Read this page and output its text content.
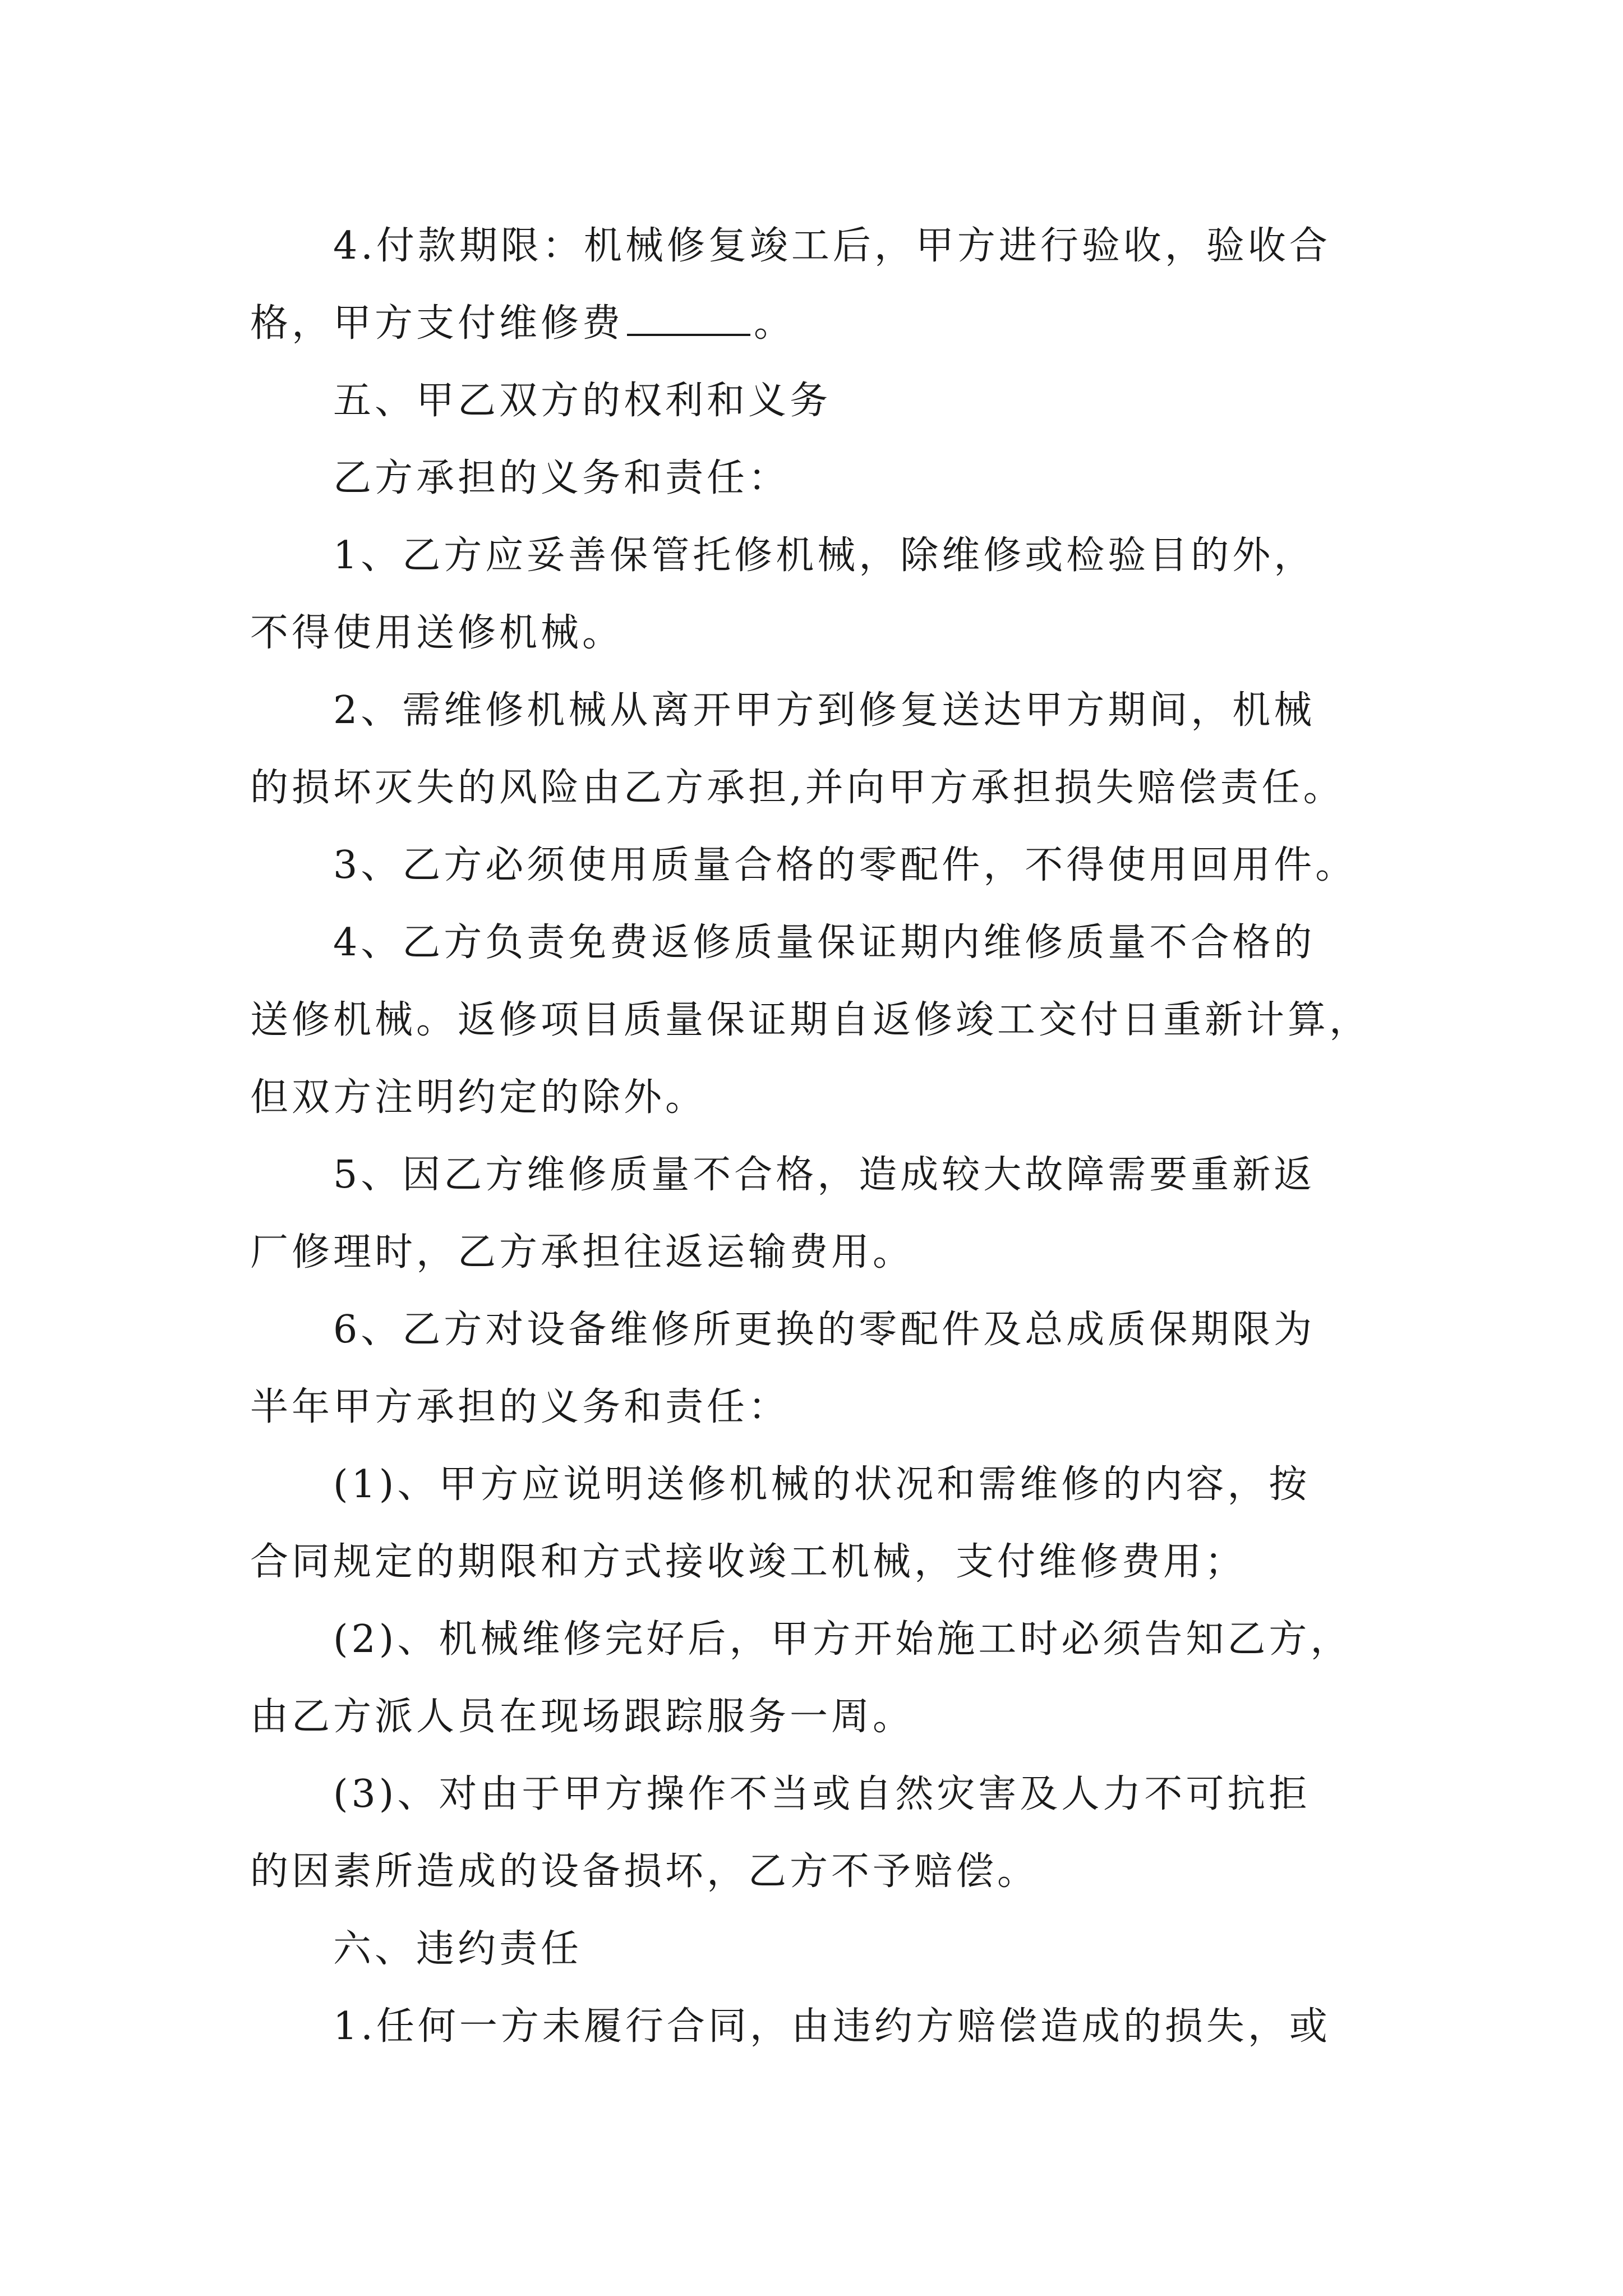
4.付款期限：机械修复竣工后，甲方进行验收，验收合
格，甲方支付维修费	。
五、甲乙双方的权利和义务
乙方承担的义务和责任：
1、乙方应妥善保管托修机械，除维修或检验目的外，
不得使用送修机械。
2、需维修机械从离开甲方到修复送达甲方期间，机械
的损坏灭失的风险由乙方承担,并向甲方承担损失赔偿责任。
3、乙方必须使用质量合格的零配件，不得使用回用件。
4、乙方负责免费返修质量保证期内维修质量不合格的
送修机械。返修项目质量保证期自返修竣工交付日重新计算，
但双方注明约定的除外。
5、因乙方维修质量不合格，造成较大故障需要重新返
厂修理时，乙方承担往返运输费用。
6、乙方对设备维修所更换的零配件及总成质保期限为
半年甲方承担的义务和责任：
(1)、甲方应说明送修机械的状况和需维修的内容，按
合同规定的期限和方式接收竣工机械，支付维修费用；
(2)、机械维修完好后，甲方开始施工时必须告知乙方，
由乙方派人员在现场跟踪服务一周。
(3)、对由于甲方操作不当或自然灾害及人力不可抗拒
的因素所造成的设备损坏，乙方不予赔偿。
六、违约责任
1.任何一方未履行合同，由违约方赔偿造成的损失，或
